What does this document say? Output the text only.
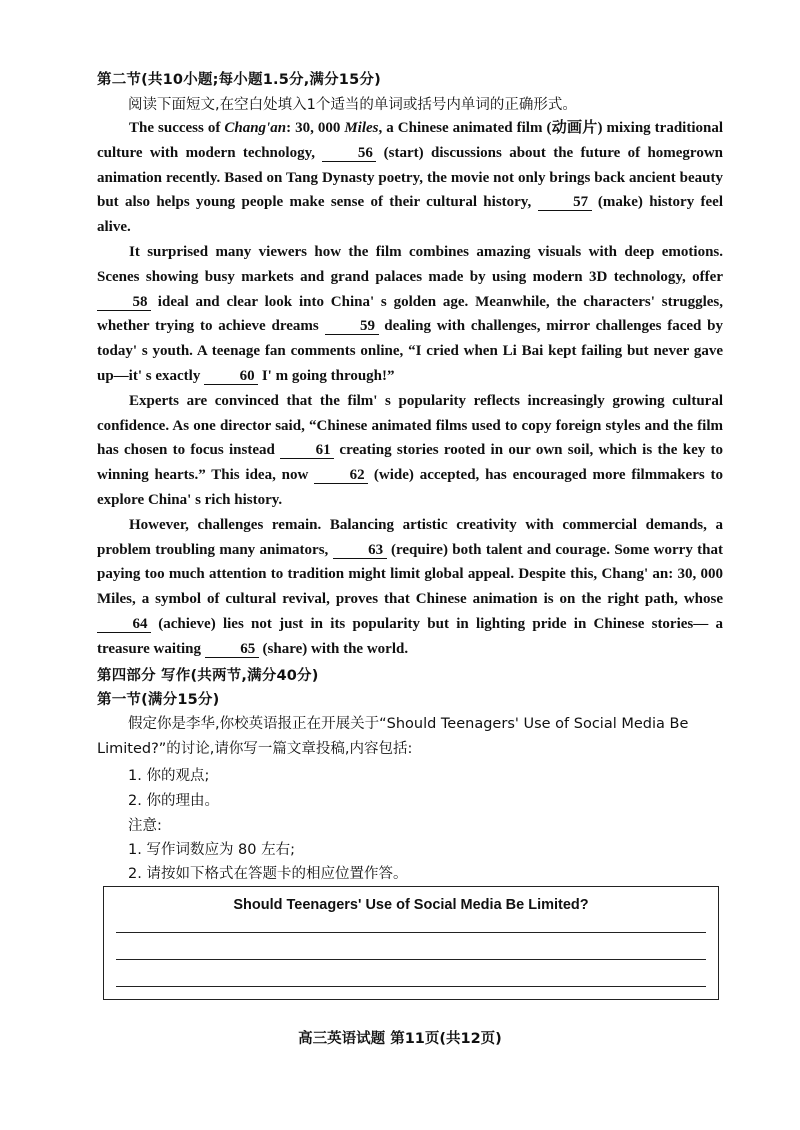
第二节(共10小题;每小题1.5分,满分15分)
阅读下面短文,在空白处填入1个适当的单词或括号内单词的正确形式。

The success of Chang'an: 30, 000 Miles, a Chinese animated film (动画片) mixing traditional culture with modern technology, 56 (start) discussions about the future of homegrown animation recently. Based on Tang Dynasty poetry, the movie not only brings back ancient beauty but also helps young people make sense of their cultural history, 57 (make) history feel alive.

It surprised many viewers how the film combines amazing visuals with deep emotions. Scenes showing busy markets and grand palaces made by using modern 3D technology, offer 58 ideal and clear look into China' s golden age. Meanwhile, the characters' struggles, whether trying to achieve dreams 59 dealing with challenges, mirror challenges faced by today' s youth. A teenage fan comments online, “I cried when Li Bai kept failing but never gave up—it' s exactly 60 I' m going through!”

Experts are convinced that the film' s popularity reflects increasingly growing cultural confidence. As one director said, “Chinese animated films used to copy foreign styles and the film has chosen to focus instead 61 creating stories rooted in our own soil, which is the key to winning hearts.” This idea, now 62 (wide) accepted, has encouraged more filmmakers to explore China' s rich history.

However, challenges remain. Balancing artistic creativity with commercial demands, a problem troubling many animators, 63 (require) both talent and courage. Some worry that paying too much attention to tradition might limit global appeal. Despite this, Chang' an: 30, 000 Miles, a symbol of cultural revival, proves that Chinese animation is on the right path, whose 64 (achieve) lies not just in its popularity but in lighting pride in Chinese stories— a treasure waiting 65 (share) with the world.

第四部分 写作(共两节,满分40分)
第一节(满分15分)
假定你是李华,你校英语报正在开展关于“Should Teenagers' Use of Social Media Be Limited?”的讨论,请你写一篇文章投稿,内容包括:
1. 你的观点;
2. 你的理由。
注意:
1. 写作词数应为 80 左右;
2. 请按如下格式在答题卡的相应位置作答。
Should Teenagers' Use of Social Media Be Limited?
高三英语试题 第11页(共12页)
